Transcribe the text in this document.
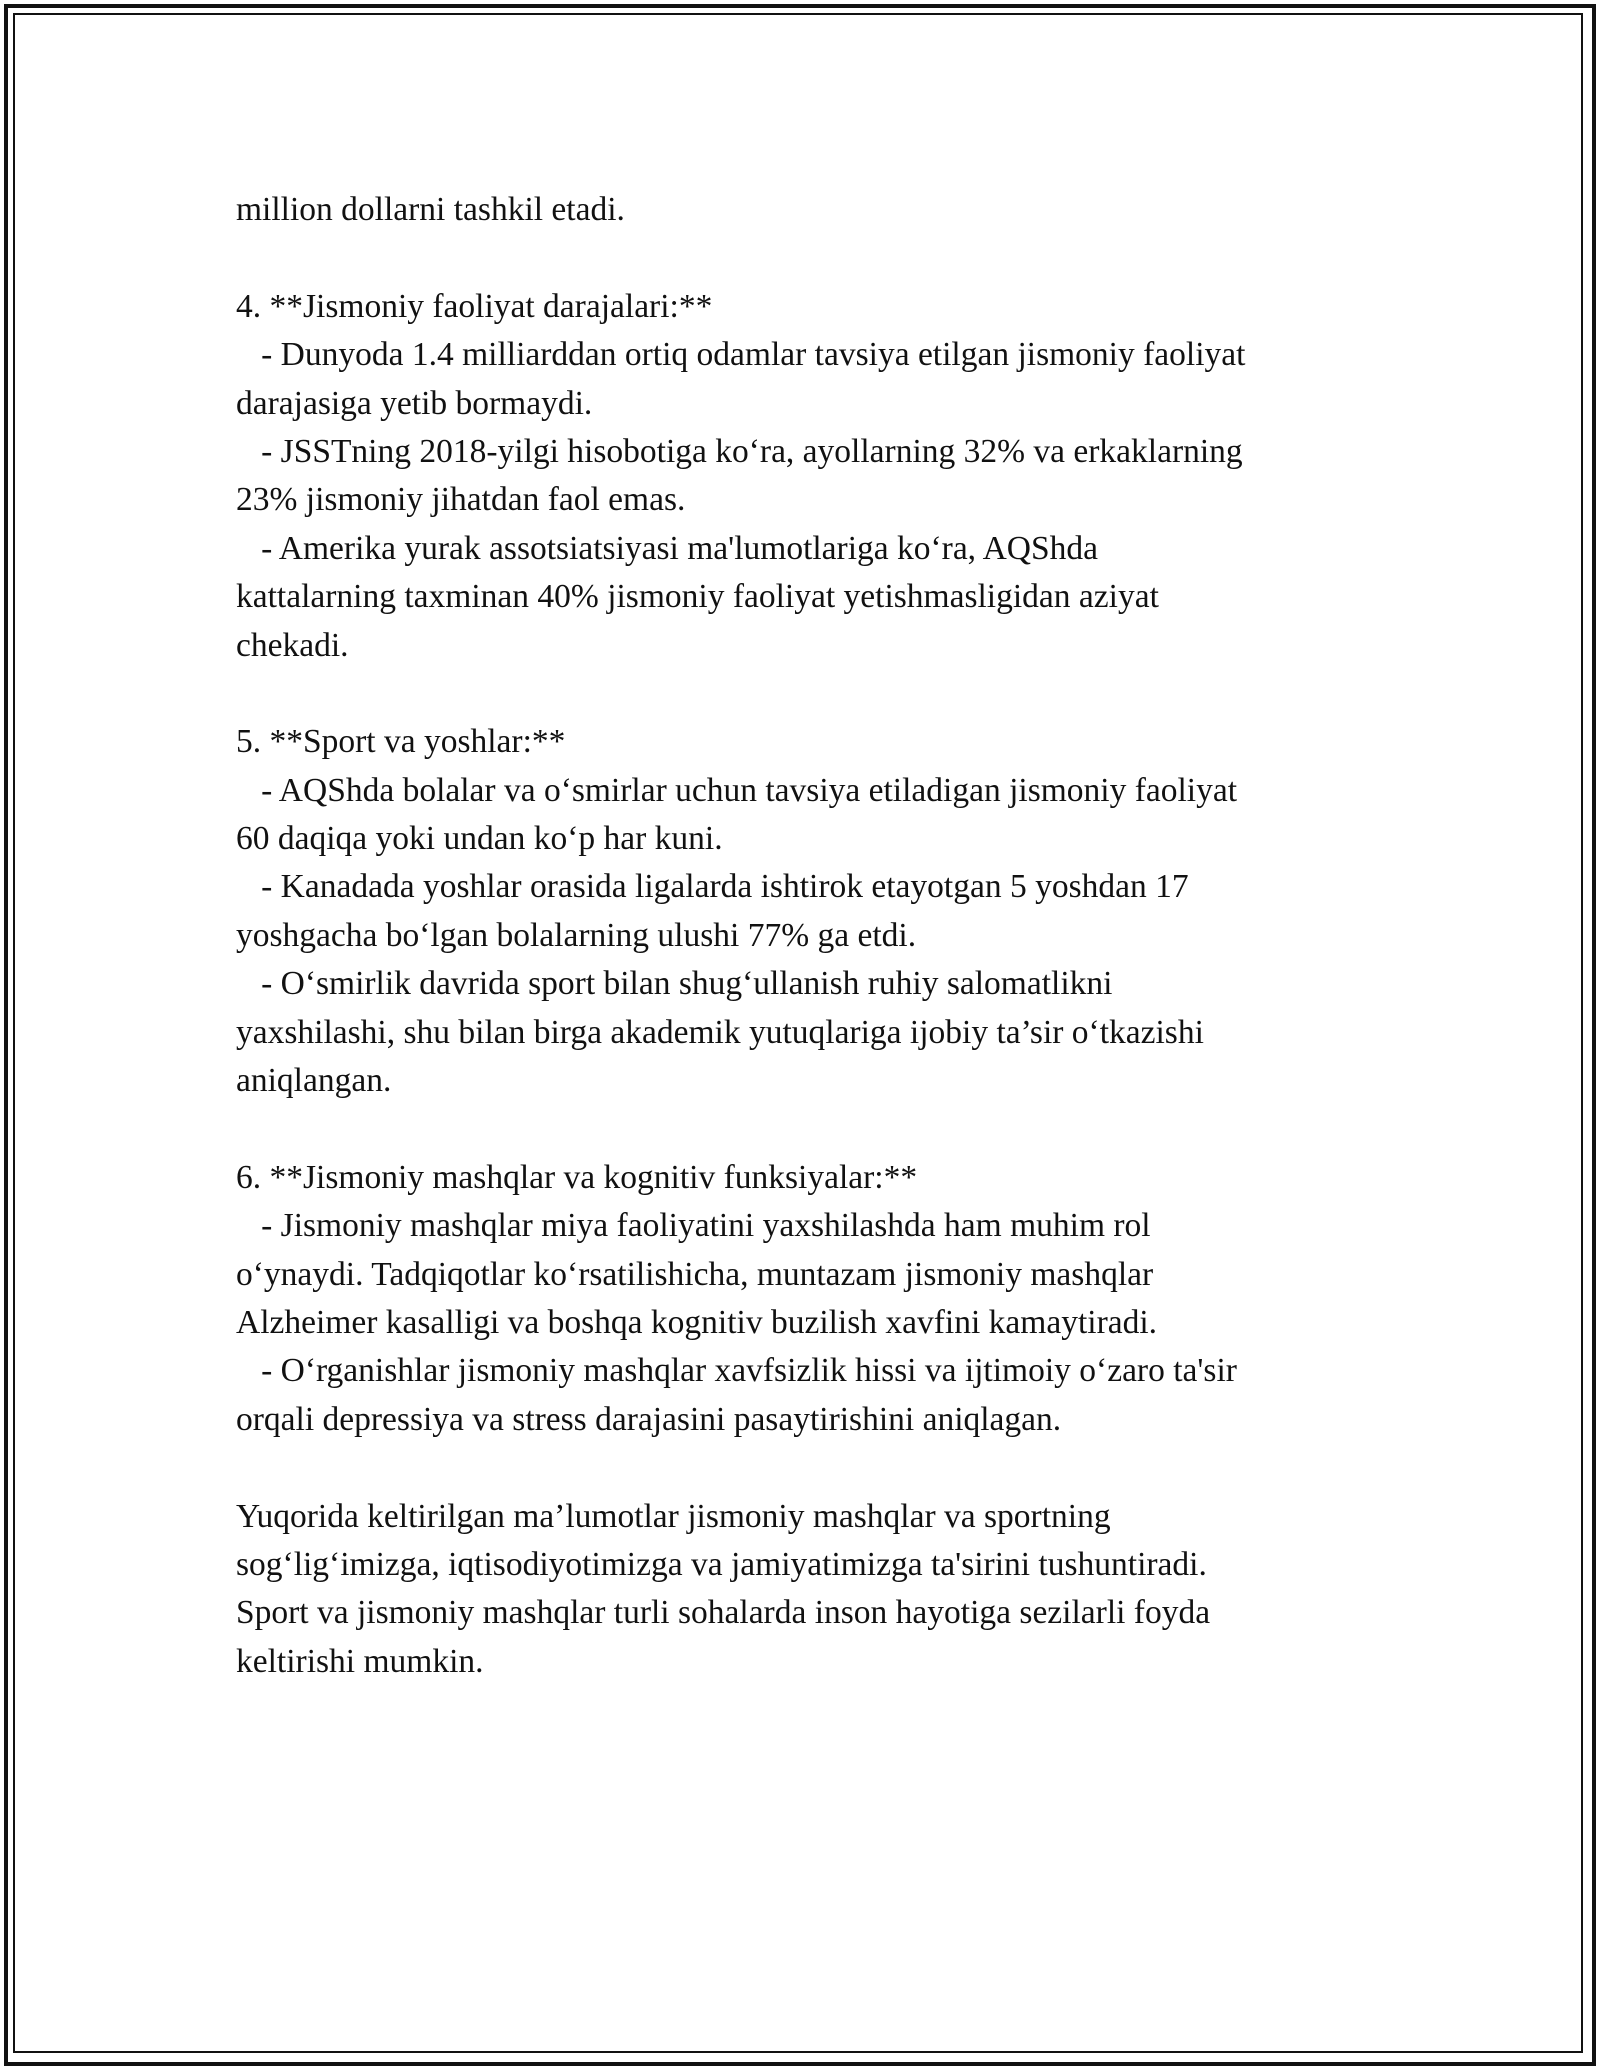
million dollarni tashkil etadi.
4. **Jismoniy faoliyat darajalari:**
- Dunyoda 1.4 milliarddan ortiq odamlar tavsiya etilgan jismoniy faoliyat
darajasiga yetib bormaydi.
- JSSTning 2018-yilgi hisobotiga ko‘ra, ayollarning 32% va erkaklarning
23% jismoniy jihatdan faol emas.
- Amerika yurak assotsiatsiyasi ma'lumotlariga ko‘ra, AQShda
kattalarning taxminan 40% jismoniy faoliyat yetishmasligidan aziyat
chekadi.
5. **Sport va yoshlar:**
- AQShda bolalar va o‘smirlar uchun tavsiya etiladigan jismoniy faoliyat
60 daqiqa yoki undan ko‘p har kuni.
- Kanadada yoshlar orasida ligalarda ishtirok etayotgan 5 yoshdan 17
yoshgacha bo‘lgan bolalarning ulushi 77% ga etdi.
- O‘smirlik davrida sport bilan shug‘ullanish ruhiy salomatlikni
yaxshilashi, shu bilan birga akademik yutuqlariga ijobiy ta’sir o‘tkazishi
aniqlangan.
6. **Jismoniy mashqlar va kognitiv funksiyalar:**
- Jismoniy mashqlar miya faoliyatini yaxshilashda ham muhim rol
o‘ynaydi. Tadqiqotlar ko‘rsatilishicha, muntazam jismoniy mashqlar
Alzheimer kasalligi va boshqa kognitiv buzilish xavfini kamaytiradi.
- O‘rganishlar jismoniy mashqlar xavfsizlik hissi va ijtimoiy o‘zaro ta'sir
orqali depressiya va stress darajasini pasaytirishini aniqlagan.
Yuqorida keltirilgan ma’lumotlar jismoniy mashqlar va sportning
sog‘lig‘imizga, iqtisodiyotimizga va jamiyatimizga ta'sirini tushuntiradi.
Sport va jismoniy mashqlar turli sohalarda inson hayotiga sezilarli foyda
keltirishi mumkin.
